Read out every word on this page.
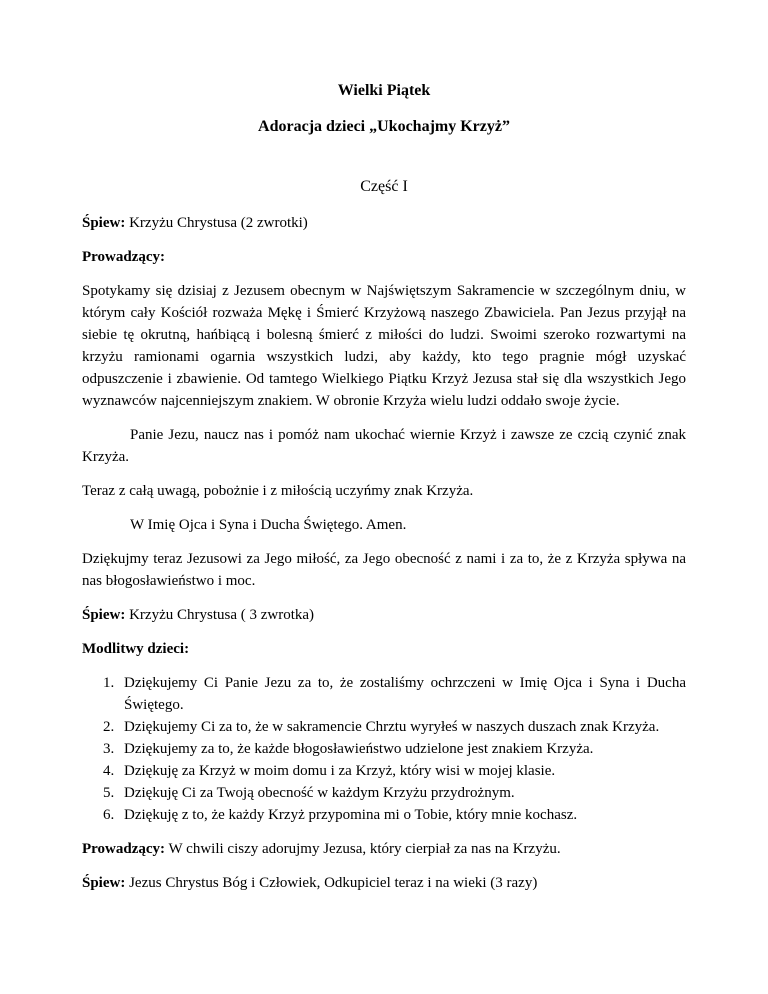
Wielki Piątek
Adoracja dzieci „Ukochajmy Krzyż”
Część I

Śpiew: Krzyżu Chrystusa (2 zwrotki)

Prowadzący:

Spotykamy się dzisiaj z Jezusem obecnym w Najświętszym Sakramencie w szczególnym dniu, w którym cały Kościół rozważa Mękę i Śmierć Krzyżową naszego Zbawiciela. Pan Jezus przyjął na siebie tę okrutną, hańbiącą i bolesną śmierć z miłości do ludzi. Swoimi szeroko rozwartymi na krzyżu ramionami ogarnia wszystkich ludzi, aby każdy, kto tego pragnie mógł uzyskać odpuszczenie i zbawienie. Od tamtego Wielkiego Piątku Krzyż Jezusa stał się dla wszystkich Jego wyznawców najcenniejszym znakiem. W obronie Krzyża wielu ludzi oddało swoje życie.

Panie Jezu, naucz nas i pomóż nam ukochać wiernie Krzyż i zawsze ze czcią czynić znak Krzyża.

Teraz z całą uwagą, pobożnie i z miłością uczyńmy znak Krzyża.

W Imię Ojca i Syna i Ducha Świętego. Amen.

Dziękujmy teraz Jezusowi za Jego miłość, za Jego obecność z nami i za to, że z Krzyża spływa na nas błogosławieństwo i moc.

Śpiew: Krzyżu Chrystusa ( 3 zwrotka)

Modlitwy dzieci:

1. Dziękujemy Ci Panie Jezu za to, że zostaliśmy ochrzczeni w Imię Ojca i Syna i Ducha Świętego.
2. Dziękujemy Ci za to, że w sakramencie Chrztu wyryłeś w naszych duszach znak Krzyża.
3. Dziękujemy za to, że każde błogosławieństwo udzielone jest znakiem Krzyża.
4. Dziękuję za Krzyż w moim domu i za Krzyż, który wisi w mojej klasie.
5. Dziękuję Ci za Twoją obecność w każdym Krzyżu przydrożnym.
6. Dziękuję z to, że każdy Krzyż przypomina mi o Tobie, który mnie kochasz.

Prowadzący: W chwili ciszy adorujmy Jezusa, który cierpiał za nas na Krzyżu.

Śpiew: Jezus Chrystus Bóg i Człowiek, Odkupiciel teraz i na wieki (3 razy)
